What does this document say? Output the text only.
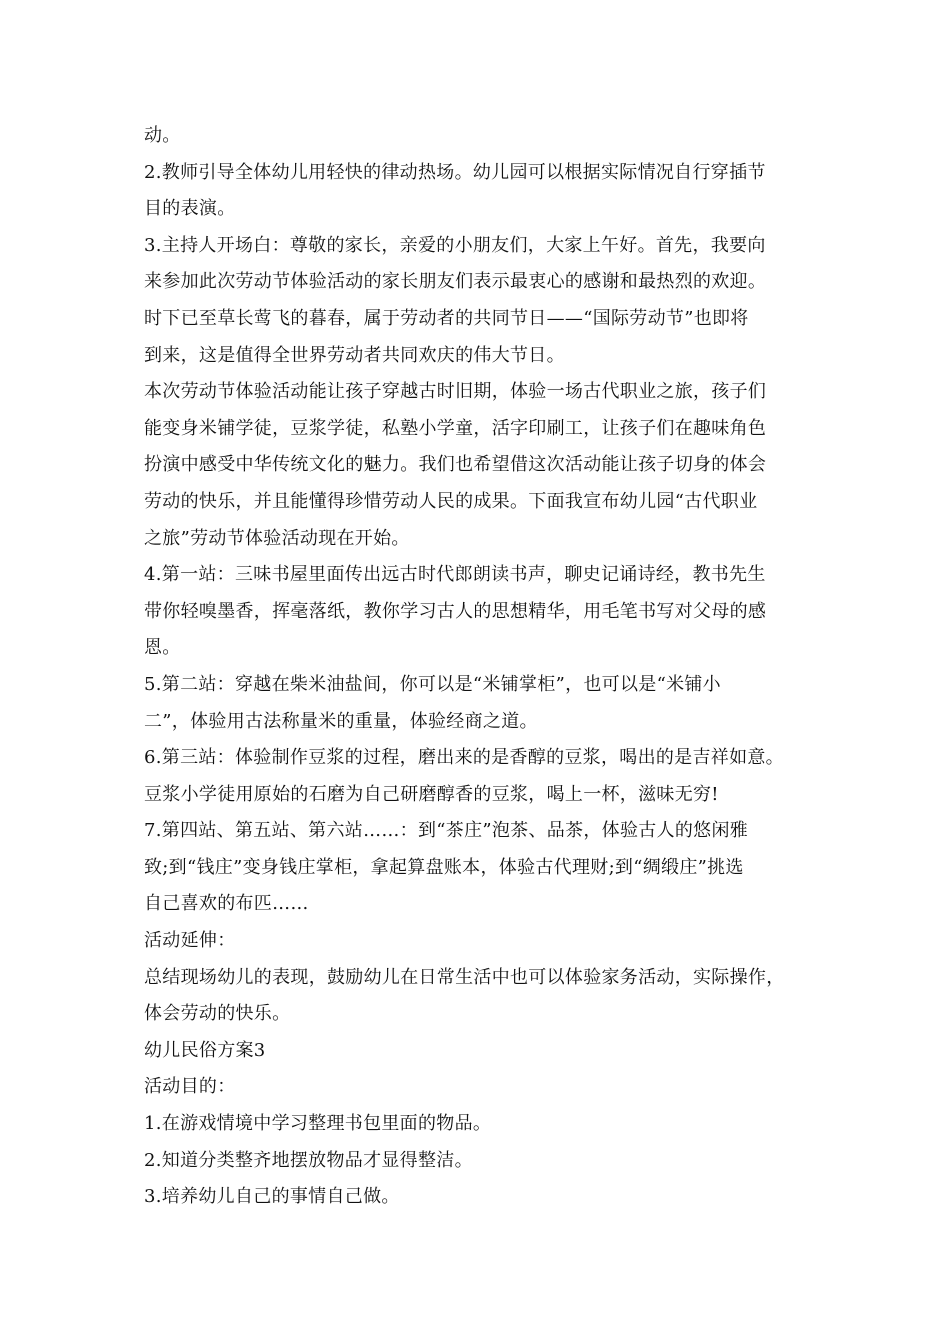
动。
2.教师引导全体幼儿用轻快的律动热场。幼儿园可以根据实际情况自行穿插节
目的表演。
3.主持人开场白：尊敬的家长，亲爱的小朋友们，大家上午好。首先，我要向
来参加此次劳动节体验活动的家长朋友们表示最衷心的感谢和最热烈的欢迎。
时下已至草长莺飞的暮春，属于劳动者的共同节日——“国际劳动节”也即将
到来，这是值得全世界劳动者共同欢庆的伟大节日。
本次劳动节体验活动能让孩子穿越古时旧期，体验一场古代职业之旅，孩子们
能变身米铺学徒，豆浆学徒，私塾小学童，活字印刷工，让孩子们在趣味角色
扮演中感受中华传统文化的魅力。我们也希望借这次活动能让孩子切身的体会
劳动的快乐，并且能懂得珍惜劳动人民的成果。下面我宣布幼儿园“古代职业
之旅”劳动节体验活动现在开始。
4.第一站：三味书屋里面传出远古时代郎朗读书声，聊史记诵诗经，教书先生
带你轻嗅墨香，挥毫落纸，教你学习古人的思想精华，用毛笔书写对父母的感
恩。
5.第二站：穿越在柴米油盐间，你可以是“米铺掌柜”，也可以是“米铺小
二”，体验用古法称量米的重量，体验经商之道。
6.第三站：体验制作豆浆的过程，磨出来的是香醇的豆浆，喝出的是吉祥如意。
豆浆小学徒用原始的石磨为自己研磨醇香的豆浆，喝上一杯，滋味无穷!
7.第四站、第五站、第六站……：到“茶庄”泡茶、品茶，体验古人的悠闲雅
致;到“钱庄”变身钱庄掌柜，拿起算盘账本，体验古代理财;到“绸缎庄”挑选
自己喜欢的布匹……
活动延伸：
总结现场幼儿的表现，鼓励幼儿在日常生活中也可以体验家务活动，实际操作，
体会劳动的快乐。
幼儿民俗方案3
活动目的：
1.在游戏情境中学习整理书包里面的物品。
2.知道分类整齐地摆放物品才显得整洁。
3.培养幼儿自己的事情自己做。
